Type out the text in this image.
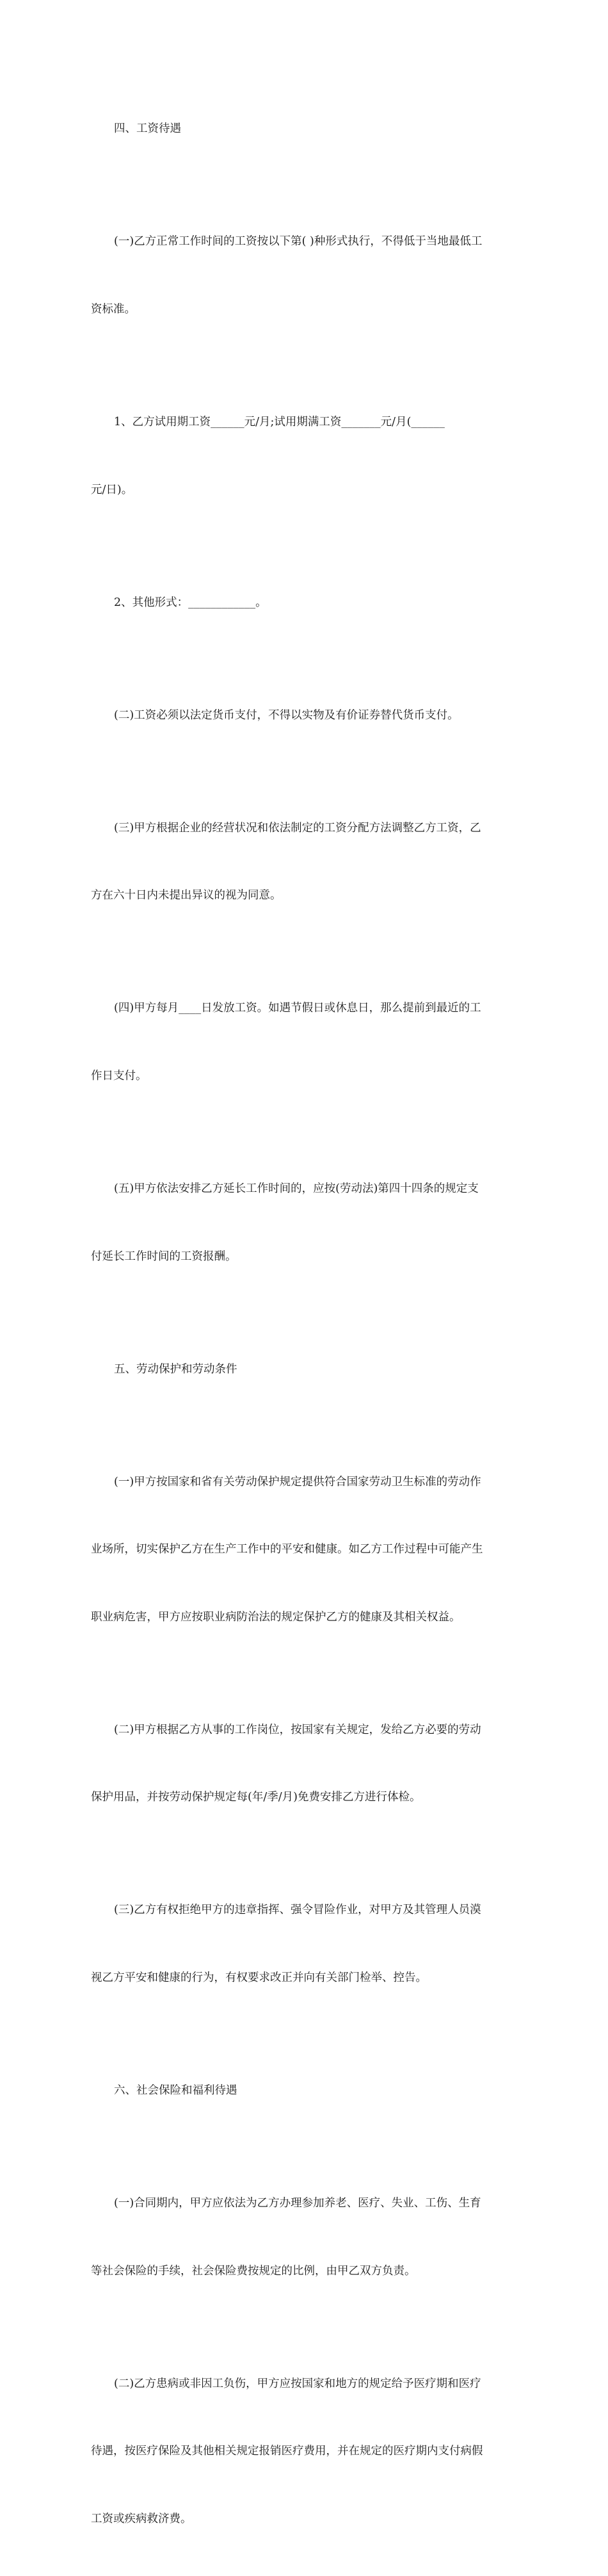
四、工资待遇

(一)乙方正常工作时间的工资按以下第( )种形式执行，不得低于当地最低工

资标准。

1、乙方试用期工资______元/月;试用期满工资_______元/月(______

元/日)。

2、其他形式：____________。

(二)工资必须以法定货币支付，不得以实物及有价证券替代货币支付。

(三)甲方根据企业的经营状况和依法制定的工资分配方法调整乙方工资，乙

方在六十日内未提出异议的视为同意。

(四)甲方每月____日发放工资。如遇节假日或休息日，那么提前到最近的工

作日支付。

(五)甲方依法安排乙方延长工作时间的，应按(劳动法)第四十四条的规定支

付延长工作时间的工资报酬。

五、劳动保护和劳动条件

(一)甲方按国家和省有关劳动保护规定提供符合国家劳动卫生标准的劳动作

业场所，切实保护乙方在生产工作中的平安和健康。如乙方工作过程中可能产生

职业病危害，甲方应按职业病防治法的规定保护乙方的健康及其相关权益。

(二)甲方根据乙方从事的工作岗位，按国家有关规定，发给乙方必要的劳动

保护用品，并按劳动保护规定每(年/季/月)免费安排乙方进行体检。

(三)乙方有权拒绝甲方的违章指挥、强令冒险作业，对甲方及其管理人员漠

视乙方平安和健康的行为，有权要求改正并向有关部门检举、控告。

六、社会保险和福利待遇

(一)合同期内，甲方应依法为乙方办理参加养老、医疗、失业、工伤、生育

等社会保险的手续，社会保险费按规定的比例，由甲乙双方负责。

(二)乙方患病或非因工负伤，甲方应按国家和地方的规定给予医疗期和医疗

待遇，按医疗保险及其他相关规定报销医疗费用，并在规定的医疗期内支付病假

工资或疾病救济费。
